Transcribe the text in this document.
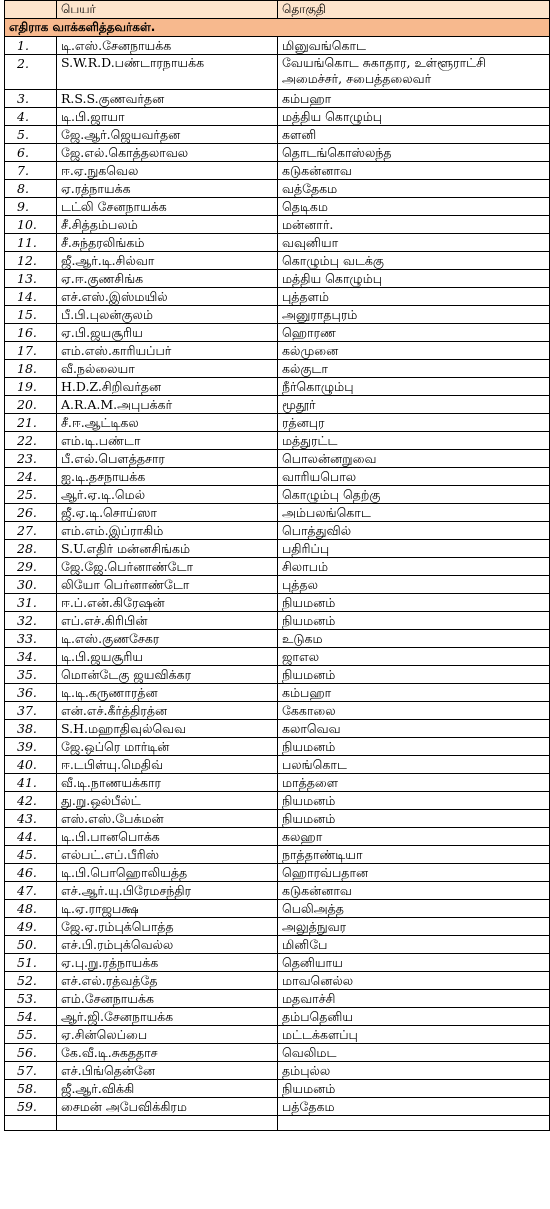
	பெயர்	தொகுதி
எதிராக வாக்களித்தவர்கள்.		
1.	டி.எஸ்.சேனநாயக்க	மினுவங்கொட
2.	S.W.R.D.பண்டாரநாயக்க	வேயங்கொட சுகாதார, உள்ளூராட்சி அமைச்சர், சபைத்தலைவர்
3.	R.S.S.குணவர்தன	கம்பஹா
4.	டி.பி.ஜாயா	மத்திய கொழும்பு
5.	ஜே.ஆர்.ஜெயவர்தன	களனி
6.	ஜே.எல்.கொத்தலாவல	தொடங்கொஸ்லந்த
7.	ஈ.ஏ.நுகவெல	கடுகன்னாவ
8.	ஏ.ரத்நாயக்க	வத்தேகம
9.	டட்லி சேனநாயக்க	தெடிகம
10.	சீ.சித்தம்பலம்	மன்னார்.
11.	சீ.சுந்தரலிங்கம்	வவுனியா
12.	ஜீ.ஆர்.டி.சில்வா	கொழும்பு வடக்கு
13.	ஏ.ஈ.குணசிங்க	மத்திய கொழும்பு
14.	எச்.எஸ்.இஸ்மயில்	புத்தளம்
15.	பீ.பி.புலன்குலம்	அனுராதபுரம்
16.	ஏ.பி.ஜயசூரிய	ஹொரண
17.	எம்.எஸ்.காரியப்பர்	கல்முனை
18.	வீ.நல்லையா	கல்குடா
19.	H.D.Z.சிறிவர்தன	நீர்கொழும்பு
20.	A.R.A.M.அபுபக்கர்	மூதூர்
21.	சீ.ஈ.ஆட்டிகல	ரத்னபுர
22.	எம்.டி.பண்டா	மத்துரட்ட
23.	பீ.எல்.பௌத்தசார	பொலன்னறுவை
24.	ஐ.டி.தசநாயக்க	வாரியபொல
25.	ஆர்.ஏ.டி.மெல்	கொழும்பு தெற்கு
26.	ஜீ.ஏ.டி.சொய்ஸா	அம்பலங்கொட
27.	எம்.எம்.இப்ராகிம்	பொத்துவில்
28.	S.U.எதிர் மன்னசிங்கம்	பதிரிப்பு
29.	ஜே.ஜே.பெர்னாண்டோ	சிலாபம்
30.	லியோ பெர்னாண்டோ	புத்தல
31.	ஈ.ப்.என்.கிரேஷன்	நியமனம்
32.	எப்.எச்.கிரிபின்	நியமனம்
33.	டி.எஸ்.குணசேகர	உடுகம
34.	டி.பி.ஜயசூரிய	ஜாஎல
35.	மொன்டேகு ஜயவிக்கர	நியமனம்
36.	டி.டி.கருணாரத்ன	கம்பஹா
37.	என்.எச்.கீர்த்திரத்ன	கேகாலை
38.	S.H.மஹாதிவுல்வெவ	கலாவெவ
39.	ஜே.ஒப்ரெ மார்டின்	நியமனம்
40.	ஈ.டபிள்யு.மெதிவ்	பலங்கொட
41.	வீ.டி.நாணயக்கார	மாத்தளை
42.	து.று.ஒல்பீல்ட்	நியமனம்
43.	எஸ்.எஸ்.பேக்மன்	நியமனம்
44.	டி.பி.பானபொக்க	கலஹா
45.	எல்பட்.எப்.பீரிஸ்	நாத்தாண்டியா
46.	டி.பி.பொஹொலியத்த	ஹொரவ்பதான
47.	எச்.ஆர்.யு.பிரேமசந்திர	கடுகன்னாவ
48.	டி.ஏ.ராஜபக்ஷ	பெலிஅத்த
49.	ஜே.ஏ.ரம்புக்பொத்த	அலுத்நுவர
50.	எச்.பி.ரம்புக்வெல்ல	மினிபே
51.	ஏ.பு.று.ரத்நாயக்க	தெனியாய
52.	எச்.எல்.ரத்வத்தே	மாவனெல்ல
53.	எம்.சேனநாயக்க	மதவாச்சி
54.	ஆர்.ஜி.சேனநாயக்க	தம்பதெனிய
55.	ஏ.சின்லெப்பை	மட்டக்களப்பு
56.	கே.வீ.டி.சுகததாச	வெலிமட
57.	எச்.பிங்தென்னே	தம்புல்ல
58.	ஜீ.ஆர்.விக்கி	நியமனம்
59.	சைமன் அபேவிக்கிரம	பத்தேகம
